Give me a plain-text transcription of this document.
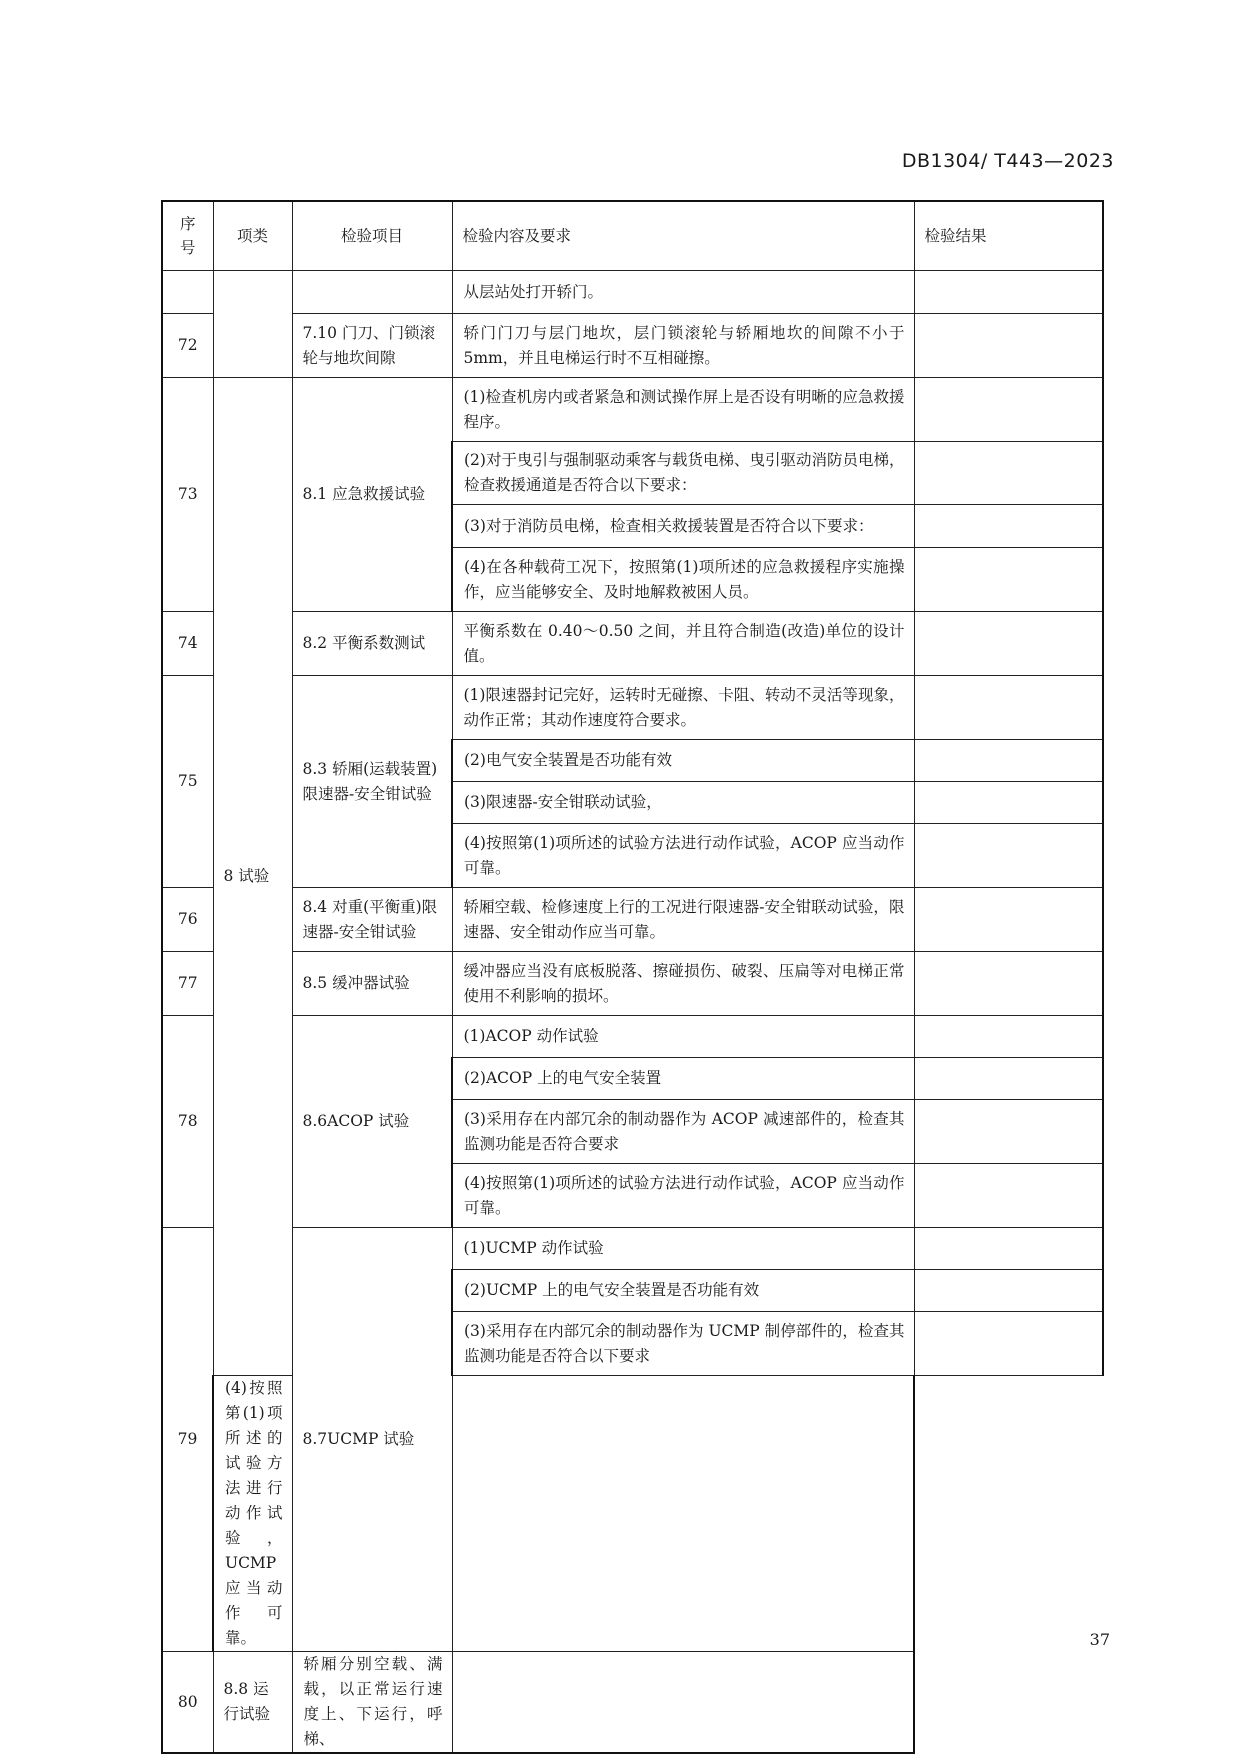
DB1304/ T443—2023
序
号	项类	检验项目	检验内容及要求	检验结果
			从层站处打开轿门。	
72		7.10 门刀、门锁滚轮与地坎间隙	轿门门刀与层门地坎，层门锁滚轮与轿厢地坎的间隙不小于 5mm，并且电梯运行时不互相碰擦。	
73	8 试验	8.1 应急救援试验	(1)检查机房内或者紧急和测试操作屏上是否设有明晰的应急救援程序。	
			(2)对于曳引与强制驱动乘客与载货电梯、曳引驱动消防员电梯，检查救援通道是否符合以下要求：	
			(3)对于消防员电梯，检查相关救援装置是否符合以下要求：	
			(4)在各种载荷工况下，按照第(1)项所述的应急救援程序实施操作，应当能够安全、及时地解救被困人员。	
74		8.2 平衡系数测试	平衡系数在 0.40～0.50 之间，并且符合制造(改造)单位的设计值。	
75		8.3 轿厢(运载装置)限速器-安全钳试验	(1)限速器封记完好，运转时无碰擦、卡阻、转动不灵活等现象，动作正常；其动作速度符合要求。	
			(2)电气安全装置是否功能有效	
			(3)限速器-安全钳联动试验，	
			(4)按照第(1)项所述的试验方法进行动作试验，ACOP 应当动作可靠。	
76		8.4 对重(平衡重)限速器-安全钳试验	轿厢空载、检修速度上行的工况进行限速器-安全钳联动试验，限速器、安全钳动作应当可靠。	
77		8.5 缓冲器试验	缓冲器应当没有底板脱落、擦碰损伤、破裂、压扁等对电梯正常使用不利影响的损坏。	
78		8.6ACOP 试验	(1)ACOP 动作试验	
			(2)ACOP 上的电气安全装置	
			(3)采用存在内部冗余的制动器作为 ACOP 减速部件的，检查其监测功能是否符合要求	
			(4)按照第(1)项所述的试验方法进行动作试验，ACOP 应当动作可靠。	
79		8.7UCMP 试验	(1)UCMP 动作试验	
			(2)UCMP 上的电气安全装置是否功能有效	
			(3)采用存在内部冗余的制动器作为 UCMP 制停部件的，检查其监测功能是否符合以下要求	
	(4)按照第(1)项所述的试验方法进行动作试验，UCMP 应当动作可靠。			
80	8.8 运行试验	轿厢分别空载、满载，以正常运行速度上、下运行，呼梯、		
37
